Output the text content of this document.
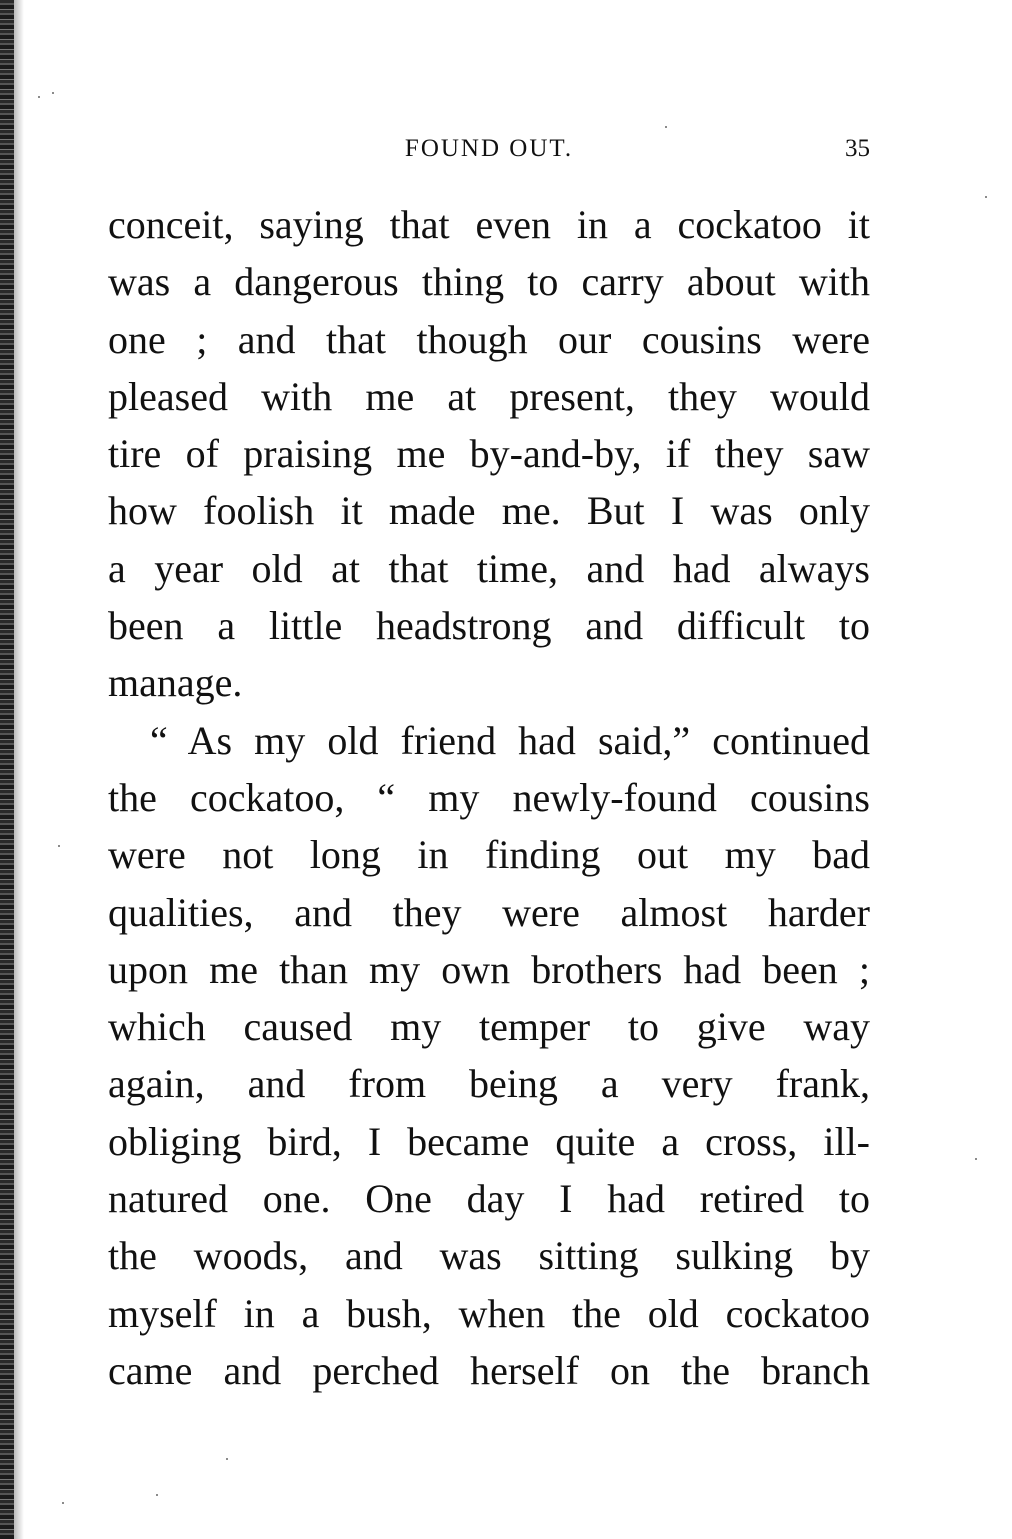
FOUND OUT.	35
conceit, saying that even in a cockatoo it
was a dangerous thing to carry about with
one ; and that though our cousins were
pleased with me at present, they would
tire of praising me by-and-by, if they saw
how foolish it made me. But I was only
a year old at that time, and had always
been a little headstrong and difficult to
manage.
“ As my old friend had said,” continued
the cockatoo, “ my newly-found cousins
were not long in finding out my bad
qualities, and they were almost harder
upon me than my own brothers had been ;
which caused my temper to give way
again, and from being a very frank,
obliging bird, I became quite a cross, ill-
natured one. One day I had retired to
the woods, and was sitting sulking by
myself in a bush, when the old cockatoo
came and perched herself on the branch
